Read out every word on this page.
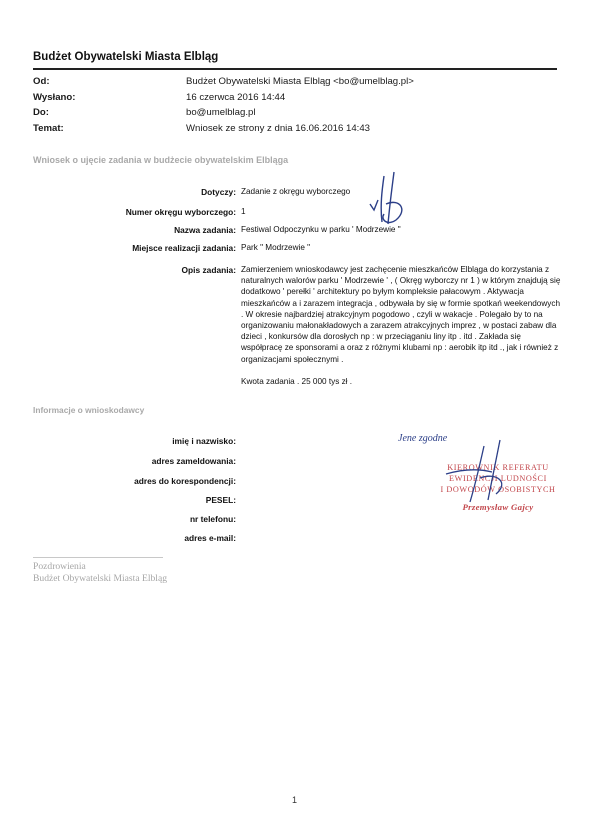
Budżet Obywatelski Miasta Elbląg
Od:	Budżet Obywatelski Miasta Elbląg <bo@umelblag.pl>
Wysłano:	16 czerwca 2016 14:44
Do:	bo@umelblag.pl
Temat:	Wniosek ze strony z dnia 16.06.2016 14:43
Wniosek o ujęcie zadania w budżecie obywatelskim Elbląga
Dotyczy: Zadanie z okręgu wyborczego
Numer okręgu wyborczego: 1
Nazwa zadania: Festiwal Odpoczynku w parku ' Modrzewie "
Miejsce realizacji zadania: Park " Modrzewie "
Opis zadania: Zamierzeniem wnioskodawcy jest zachęcenie mieszkańców Elbląga do korzystania z naturalnych walorów parku ' Modrzewie ' , ( Okręg wyborczy nr 1 ) w którym znajdują się dodatkowo ' perełki ' architektury po byłym kompleksie pałacowym . Aktywacja mieszkańców a i zarazem integracja , odbywała by się w formie spotkań weekendowych . W okresie najbardziej atrakcyjnym pogodowo , czyli w wakacje . Polegało by to na organizowaniu małonakładowych a zarazem atrakcyjnych imprez , w postaci zabaw dla dzieci , konkursów dla dorosłych np : w przeciąganiu liny itp . itd . Zakłada się współpracę ze sponsorami a oraz z różnymi klubami np : aerobik itp itd ., jak i również z organizacjami społecznymi .

Kwota zadania . 25 000 tys zł .

Informacje o wnioskodawcy
imię i nazwisko:
adres zameldowania:
adres do korespondencji:
PESEL:
nr telefonu:
adres e-mail:
Pozdrowienia
Budżet Obywatelski Miasta Elbląg
KIEROWNIK REFERATU
EWIDENCJI LUDNOŚCI
I DOWODÓW OSOBISTYCH
Przemysław Gajcy
Jene zgodne
1
